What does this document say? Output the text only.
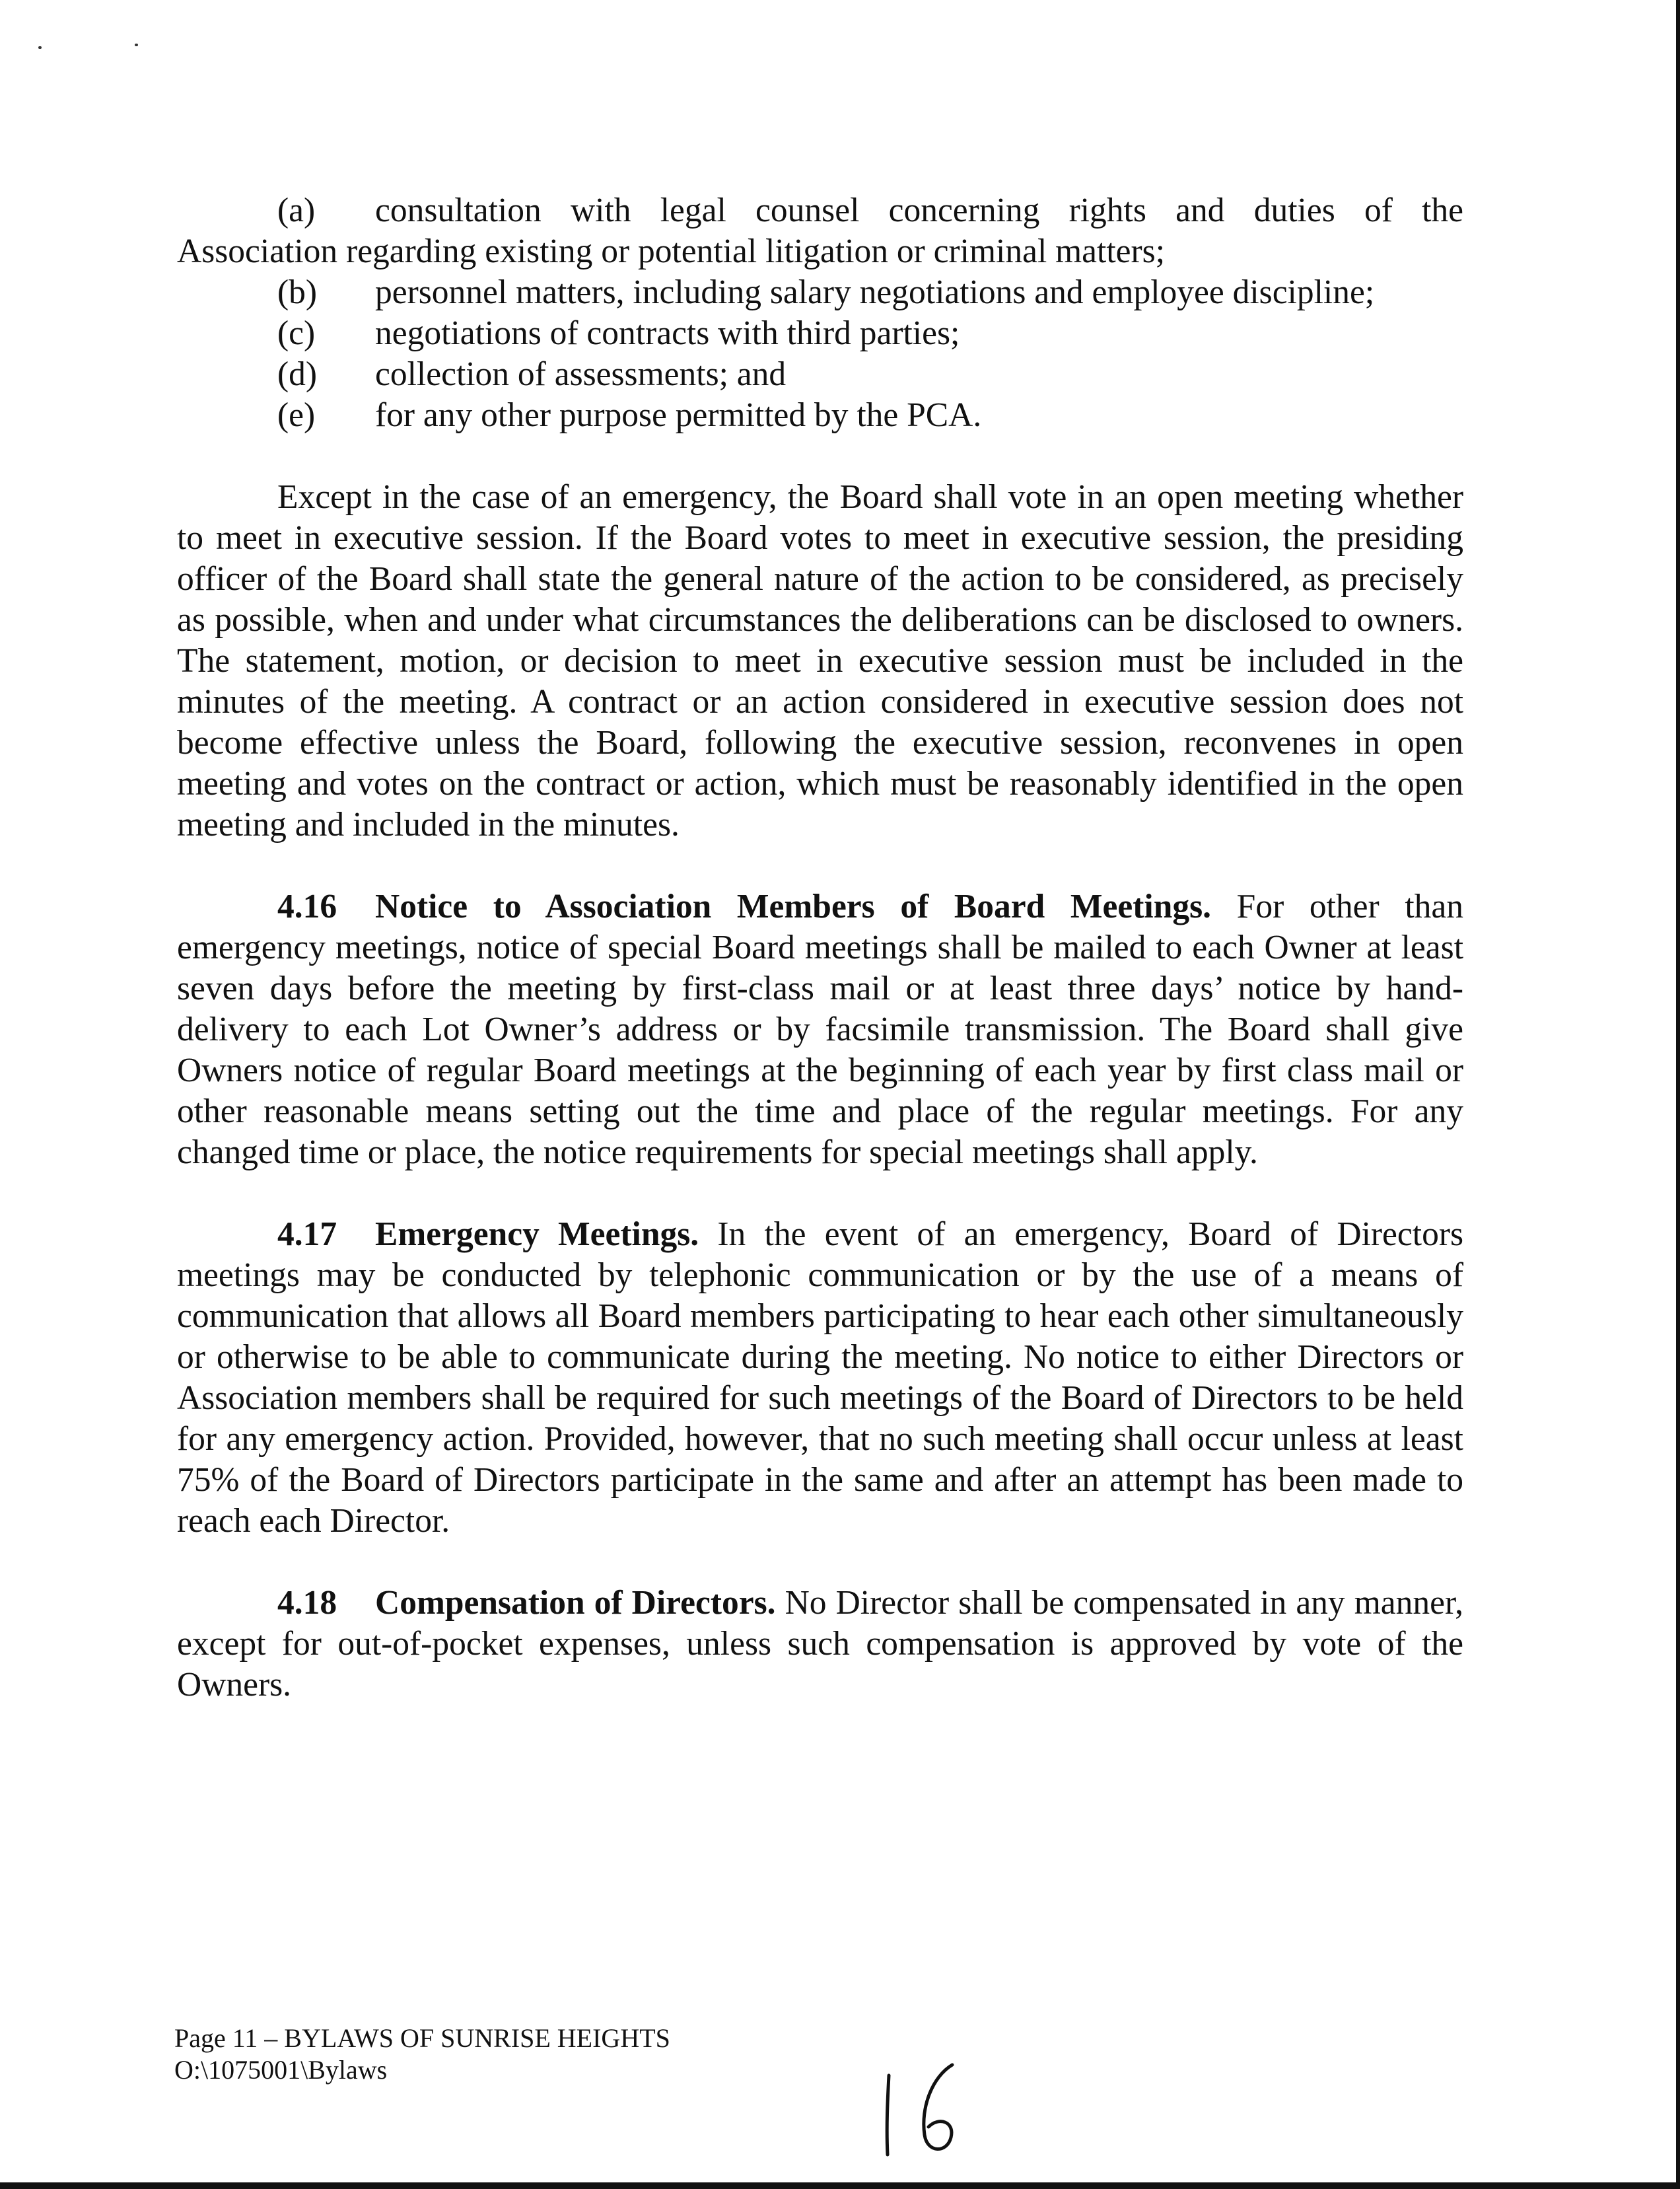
(a) consultation with legal counsel concerning rights and duties of the

Association regarding existing or potential litigation or criminal matters;

(b) personnel matters, including salary negotiations and employee discipline;

(c) negotiations of contracts with third parties;

(d) collection of assessments; and

(e) for any other purpose permitted by the PCA.

Except in the case of an emergency, the Board shall vote in an open meeting whether to meet in executive session. If the Board votes to meet in executive session, the presiding officer of the Board shall state the general nature of the action to be considered, as precisely as possible, when and under what circumstances the deliberations can be disclosed to owners. The statement, motion, or decision to meet in executive session must be included in the minutes of the meeting. A contract or an action considered in executive session does not become effective unless the Board, following the executive session, reconvenes in open meeting and votes on the contract or action, which must be reasonably identified in the open meeting and included in the minutes.

4.16 Notice to Association Members of Board Meetings. For other than emergency meetings, notice of special Board meetings shall be mailed to each Owner at least seven days before the meeting by first-class mail or at least three days’ notice by hand-delivery to each Lot Owner’s address or by facsimile transmission. The Board shall give Owners notice of regular Board meetings at the beginning of each year by first class mail or other reasonable means setting out the time and place of the regular meetings. For any changed time or place, the notice requirements for special meetings shall apply.

4.17 Emergency Meetings. In the event of an emergency, Board of Directors meetings may be conducted by telephonic communication or by the use of a means of communication that allows all Board members participating to hear each other simultaneously or otherwise to be able to communicate during the meeting. No notice to either Directors or Association members shall be required for such meetings of the Board of Directors to be held for any emergency action. Provided, however, that no such meeting shall occur unless at least 75% of the Board of Directors participate in the same and after an attempt has been made to reach each Director.

4.18 Compensation of Directors. No Director shall be compensated in any manner, except for out-of-pocket expenses, unless such compensation is approved by vote of the Owners.

Page 11 – BYLAWS OF SUNRISE HEIGHTS
O:\1075001\Bylaws
